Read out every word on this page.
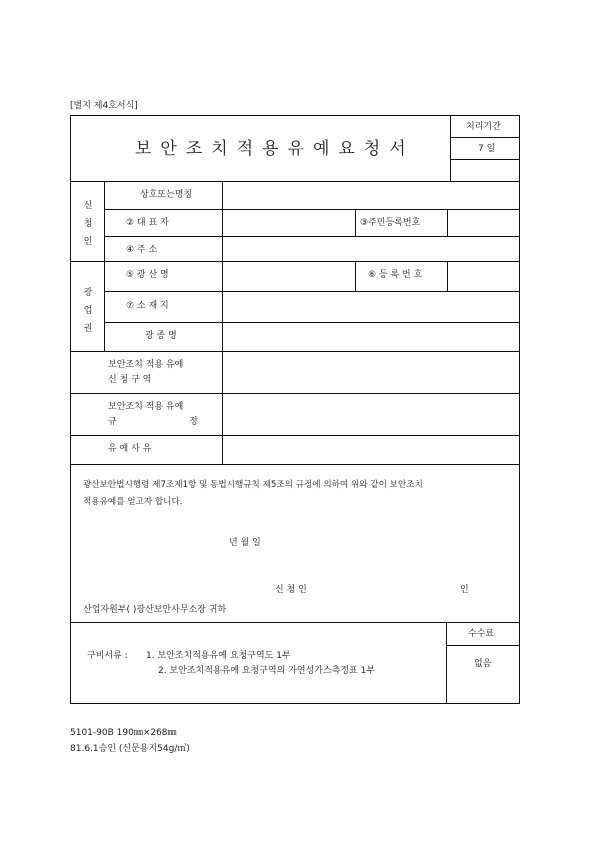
[별지 제4호서식]
보안조치적용유예요청서
처리기간
7 일
신청인
상호또는명칭
② 대 표 자	③주민등록번호
④ 주 소
광업권
⑤ 광 산 명	⑥ 등 록 번 호
⑦ 소 재 지
광 종 명
보안조치 적용 유예
신 청 구 역
보안조치 적용 유예
규	정
유 예 사 유
광산보안법시행령 제7조제1항 및 동법시행규칙 제5조의 규정에 의하여 위와 같이 보안조치
적용유예를 얻고자 합니다.
년 월 일
신 청 인	인
산업자원부( )광산보안사무소장 귀하
구비서류 : 1. 보안조치적용유예 요청구역도 1부
2. 보안조치적용유예 요청구역의 가연성가스측정표 1부
수수료
없음
5101-90B 190㎜×268㎜
81.6.1승인 (신문용지54g/㎡)
